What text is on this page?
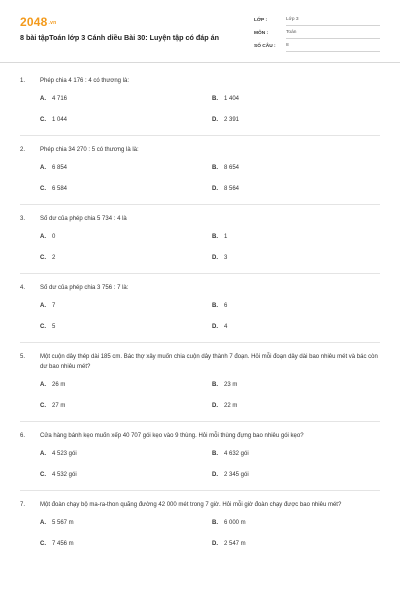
2048.vn
8 bài tậpToán lớp 3 Cánh diều Bài 30: Luyện tập có đáp án
LỚP :	Lớp 3
MÔN :	Toán
SỐ CÂU :	8
1. Phép chia 4 176 : 4 có thương là:
A. 4 716	B. 1 404
C. 1 044	D. 2 391
2. Phép chia 34 270 : 5 có thương là là:
A. 6 854	B. 8 654
C. 6 584	D. 8 564
3. Số dư của phép chia 5 734 : 4 là
A. 0	B. 1
C. 2	D. 3
4. Số dư của phép chia 3 756 : 7 là:
A. 7	B. 6
C. 5	D. 4
5. Một cuộn dây thép dài 185 cm. Bác thợ xây muốn chia cuộn dây thành 7 đoạn. Hỏi mỗi đoạn dây dài bao nhiêu mét và bác còn dư bao nhiêu mét?
A. 26 m	B. 23 m
C. 27 m	D. 22 m
6. Cửa hàng bánh kẹo muốn xếp 40 707 gói kẹo vào 9 thùng. Hỏi mỗi thùng đựng bao nhiêu gói kẹo?
A. 4 523 gói	B. 4 632 gói
C. 4 532 gói	D. 2 345 gói
7. Một đoàn chạy bộ ma-ra-thon quãng đường 42 000 mét trong 7 giờ. Hỏi mỗi giờ đoàn chạy được bao nhiêu mét?
A. 5 567 m	B. 6 000 m
C. 7 456 m	D. 2 547 m
